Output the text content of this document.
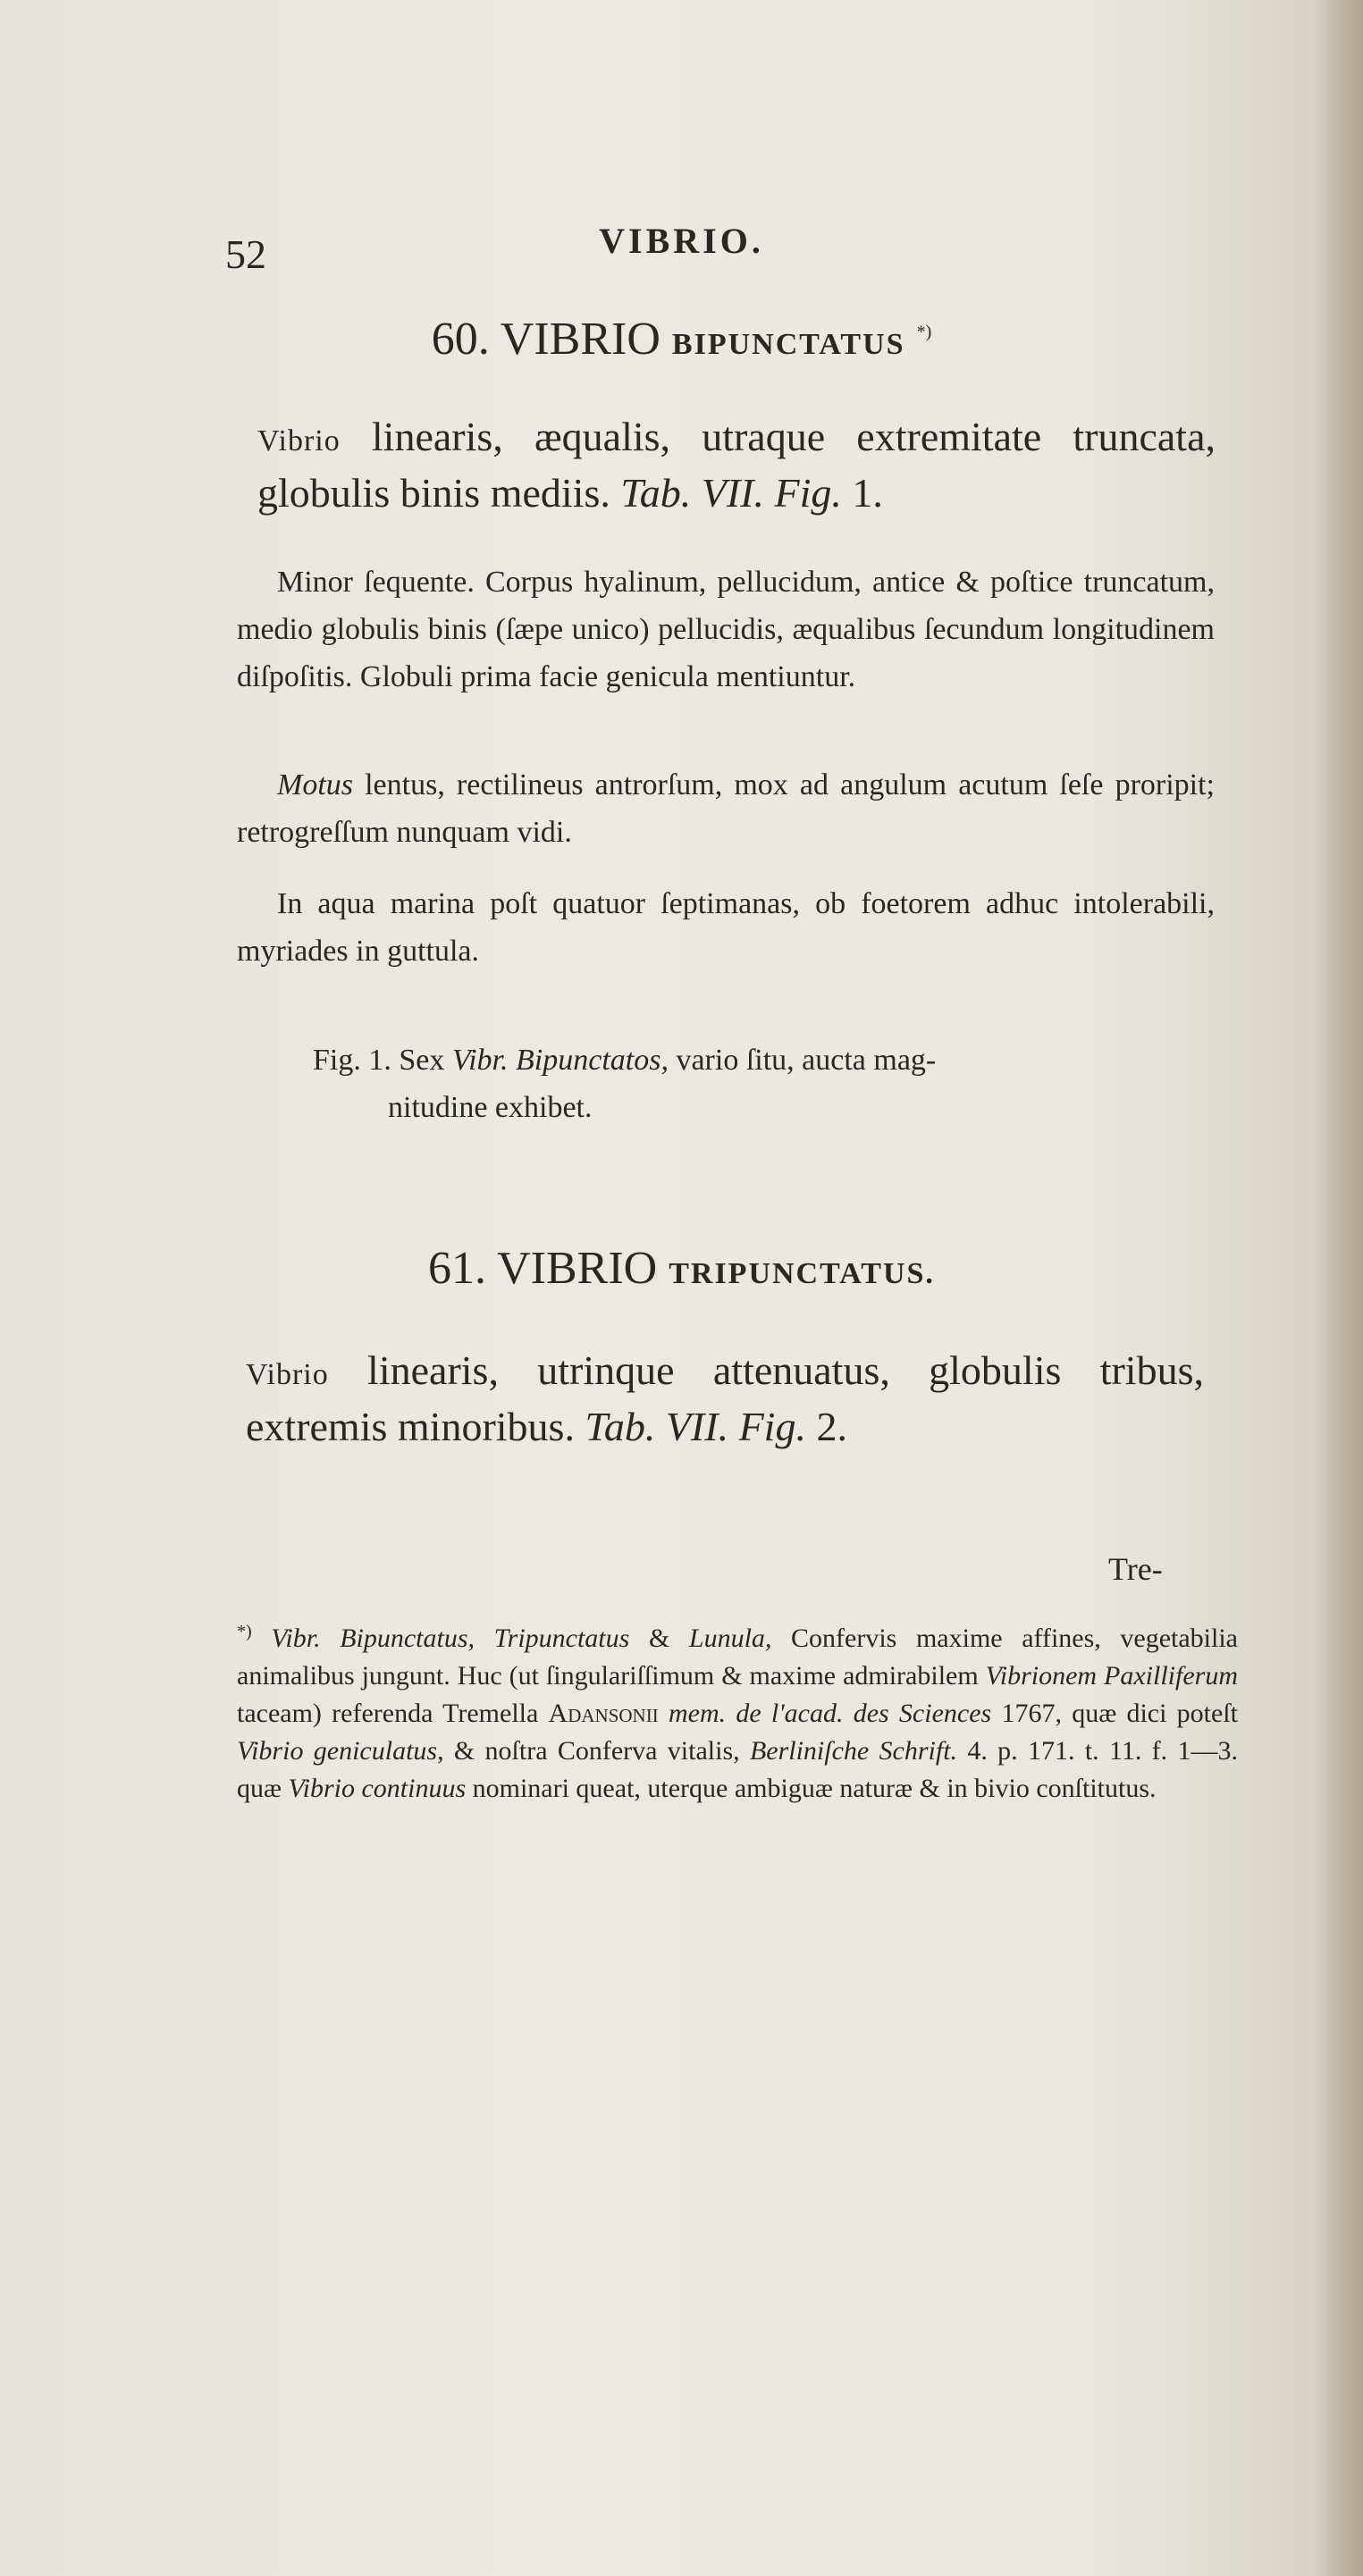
52	VIBRIO.
60. VIBRIO BIPUNCTATUS *)

Vibrio linearis, æqualis, utraque extremitate truncata, globulis binis mediis. Tab. VII. Fig. 1.

Minor ſequente. Corpus hyalinum, pellucidum, antice & poſtice truncatum, medio globulis binis (ſæpe unico) pellucidis, æqualibus ſecundum longitudinem diſpoſitis. Globuli prima facie genicula mentiuntur.

Motus lentus, rectilineus antrorſum, mox ad angulum acutum ſeſe proripit; retrogreſſum nunquam vidi.

In aqua marina poſt quatuor ſeptimanas, ob foetorem adhuc intolerabili, myriades in guttula.

Fig. 1. Sex Vibr. Bipunctatos, vario ſitu, aucta mag-
nitudine exhibet.

61. VIBRIO TRIPUNCTATUS.

Vibrio linearis, utrinque attenuatus, globulis tribus, extremis minoribus. Tab. VII. Fig. 2.

Tre-

*) Vibr. Bipunctatus, Tripunctatus & Lunula, Confervis maxime affines, vegetabilia animalibus jungunt. Huc (ut ſingulariſſimum & maxime admirabilem Vibrionem Paxilliferum taceam) referenda Tremella Adansonii mem. de l'acad. des Sciences 1767, quæ dici poteſt Vibrio geniculatus, & noſtra Conferva vitalis, Berliniſche Schrift. 4. p. 171. t. 11. f. 1—3. quæ Vibrio continuus nominari queat, uterque ambiguæ naturæ & in bivio conſtitutus.
